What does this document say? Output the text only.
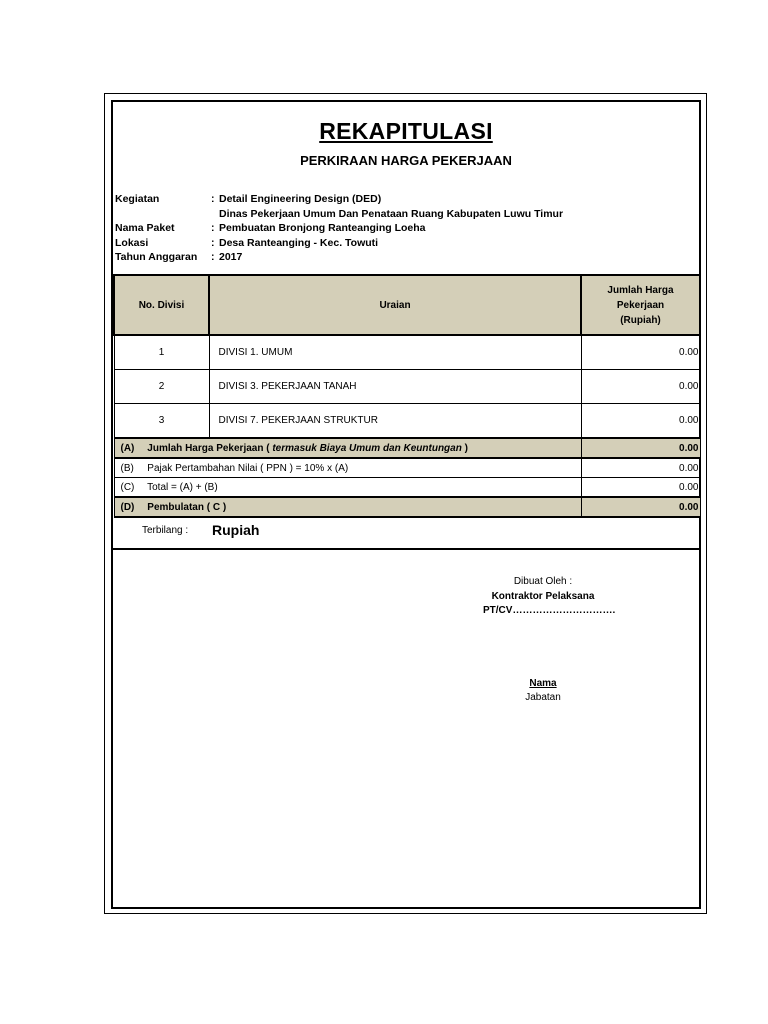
REKAPITULASI
PERKIRAAN HARGA PEKERJAAN
Kegiatan	: Detail Engineering Design (DED)
Dinas Pekerjaan Umum Dan Penataan Ruang Kabupaten Luwu Timur
Nama Paket	: Pembuatan Bronjong Ranteanging Loeha
Lokasi	: Desa Ranteanging - Kec. Towuti
Tahun Anggaran	: 2017
No. Divisi	Uraian	Jumlah Harga
Pekerjaan
(Rupiah)
1	DIVISI 1. UMUM	0.00
2	DIVISI 3. PEKERJAAN TANAH	0.00
3	DIVISI 7. PEKERJAAN STRUKTUR	0.00
(A) Jumlah Harga Pekerjaan ( termasuk Biaya Umum dan Keuntungan )		0.00
(B) Pajak Pertambahan Nilai ( PPN ) = 10% x (A)		0.00
(C) Total = (A) + (B)		0.00
(D) Pembulatan ( C )		0.00
Terbilang : Rupiah
Dibuat Oleh :
Kontraktor Pelaksana
PT/CV………………………….
Nama
Jabatan
